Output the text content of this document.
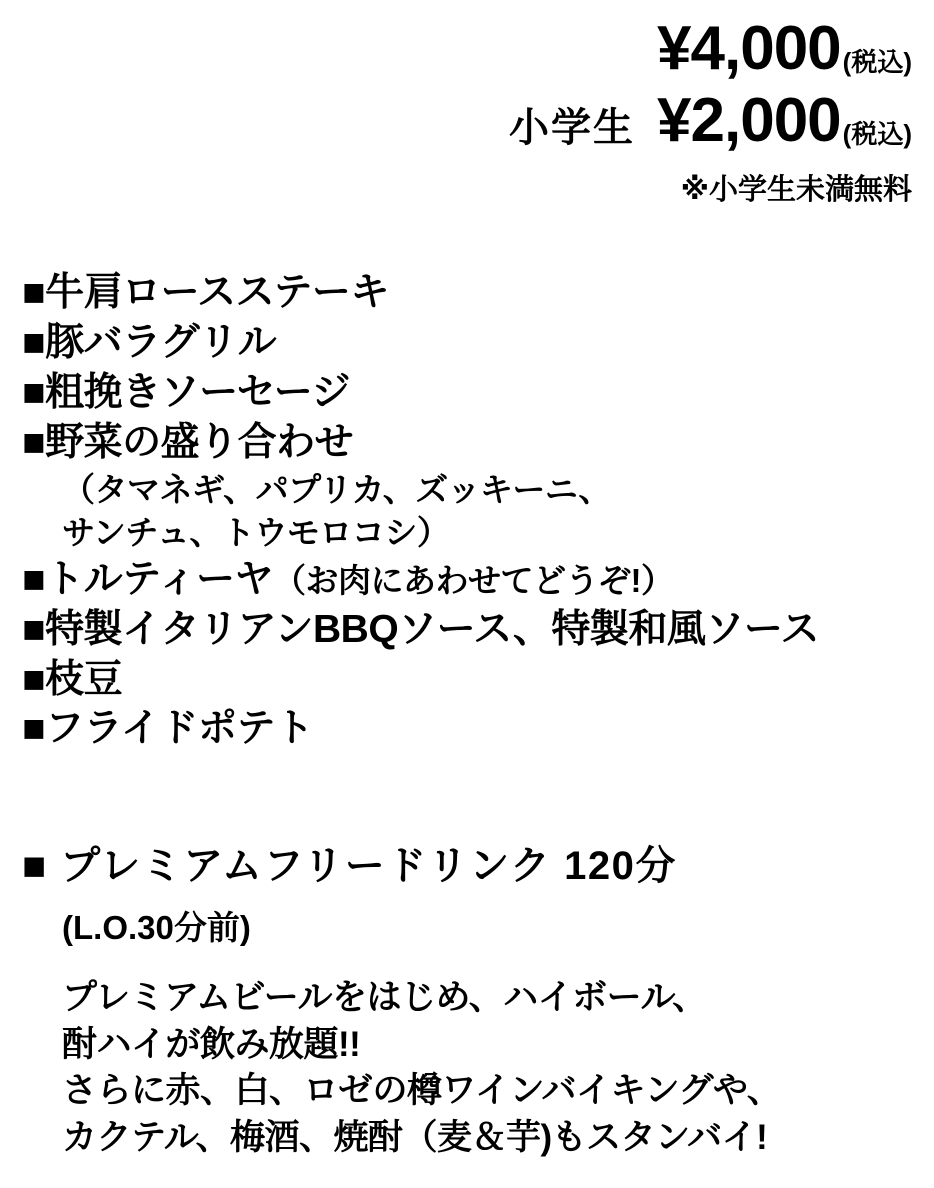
¥4,000 (税込)
小学生 ¥2,000 (税込)
※小学生未満無料
■牛肩ロースステーキ
■豚バラグリル
■粗挽きソーセージ
■野菜の盛り合わせ
（タマネギ、パプリカ、ズッキーニ、
サンチュ、トウモロコシ）
■トルティーヤ（お肉にあわせてどうぞ!）
■特製イタリアンBBQソース、特製和風ソース
■枝豆
■フライドポテト
■ プレミアムフリードリンク 120分
(L.O.30分前)
プレミアムビールをはじめ、ハイボール、
酎ハイが飲み放題!!
さらに赤、白、ロゼの樽ワインバイキングや、
カクテル、梅酒、焼酎（麦＆芋)もスタンバイ!
